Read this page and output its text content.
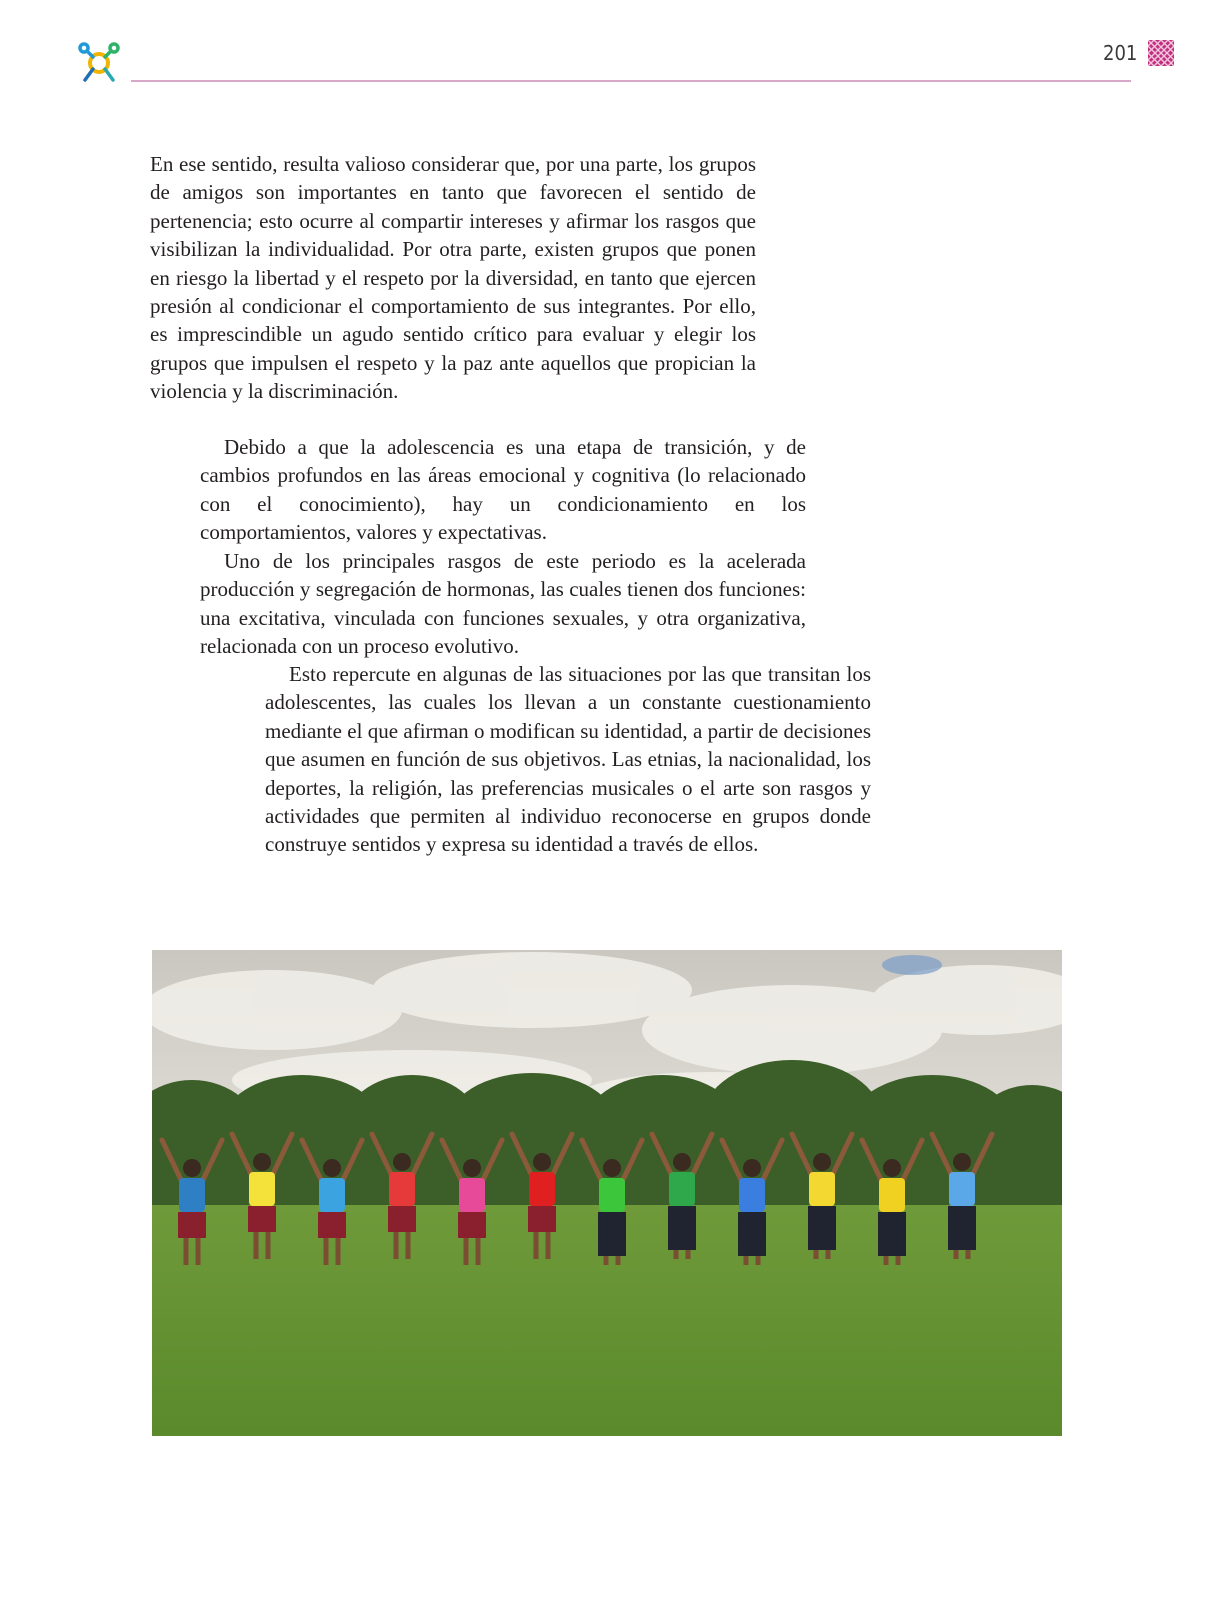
201

En ese sentido, resulta valioso considerar que, por una parte, los grupos de amigos son importantes en tanto que favorecen el sentido de pertenencia; esto ocurre al compartir intereses y afirmar los rasgos que visibilizan la individualidad. Por otra parte, existen grupos que ponen en riesgo la libertad y el respeto por la diversidad, en tanto que ejercen presión al condicionar el comportamiento de sus integrantes. Por ello, es imprescindible un agudo sentido crítico para evaluar y elegir los grupos que impulsen el respeto y la paz ante aquellos que propician la violencia y la discriminación.

Debido a que la adolescencia es una etapa de transición, y de cambios profundos en las áreas emocional y cognitiva (lo relacionado con el conocimiento), hay un condicionamiento en los comportamientos, valores y expectativas.

Uno de los principales rasgos de este periodo es la acelerada producción y segregación de hormonas, las cuales tienen dos funciones: una excitativa, vinculada con funciones sexuales, y otra organizativa, relacionada con un proceso evolutivo.

Esto repercute en algunas de las situaciones por las que transitan los adolescentes, las cuales los llevan a un constante cuestionamiento mediante el que afirman o modifican su identidad, a partir de decisiones que asumen en función de sus objetivos. Las etnias, la nacionalidad, los deportes, la religión, las preferencias musicales o el arte son rasgos y actividades que permiten al individuo reconocerse en grupos donde construye sentidos y expresa su identidad a través de ellos.
